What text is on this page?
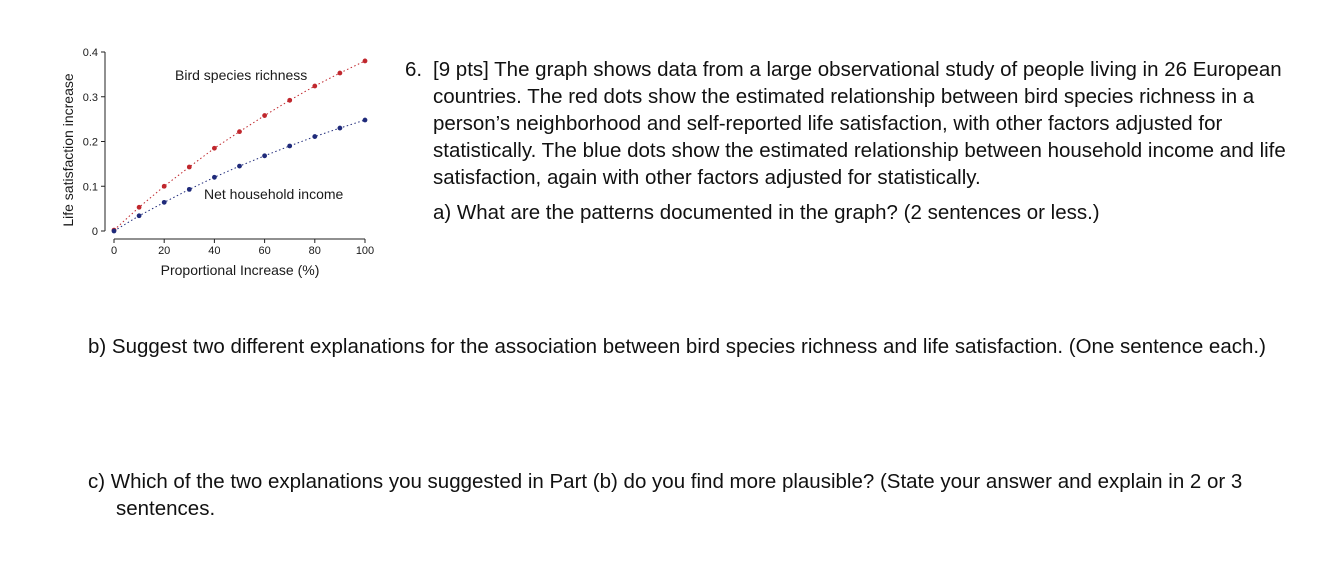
Life satisfaction increase
Proportional Increase (%)
0
0.1
0.2
0.3
0.4
0	20	40	60	80	100
Bird species richness
Net household income
6. [9 pts] The graph shows data from a large observational study of people living in 26 European countries. The red dots show the estimated relationship between bird species richness in a person’s neighborhood and self-reported life satisfaction, with other factors adjusted for statistically. The blue dots show the estimated relationship between household income and life satisfaction, again with other factors adjusted for statistically.
a) What are the patterns documented in the graph? (2 sentences or less.)
b) Suggest two different explanations for the association between bird species richness and life satisfaction. (One sentence each.)
c) Which of the two explanations you suggested in Part (b) do you find more plausible? (State your answer and explain in 2 or 3 sentences.
